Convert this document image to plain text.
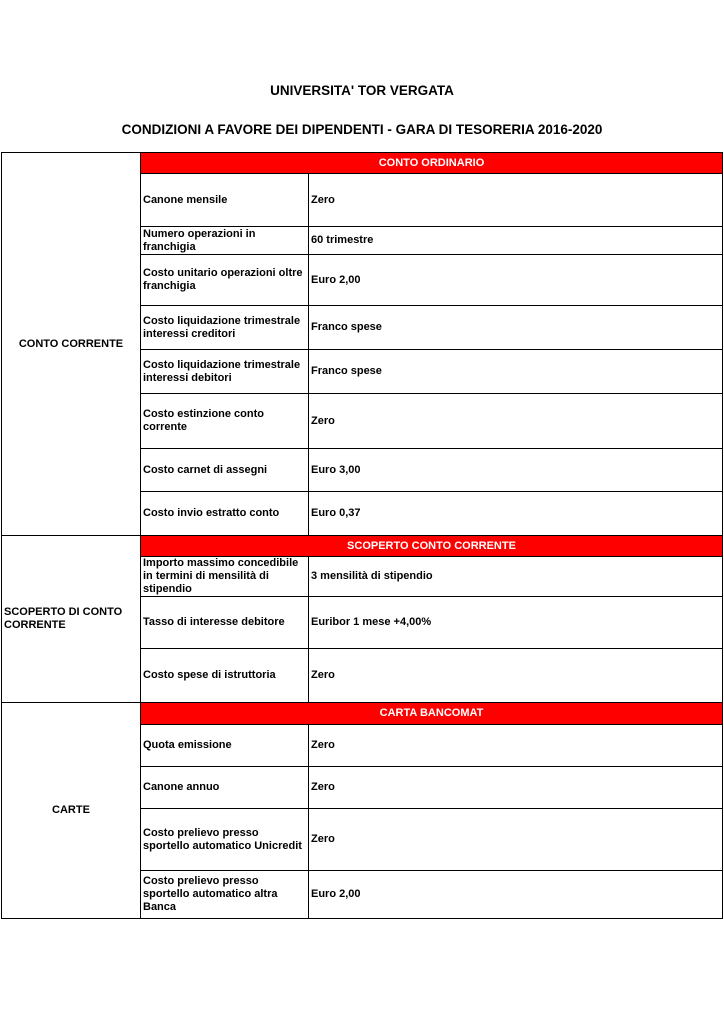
UNIVERSITA' TOR VERGATA
CONDIZIONI A FAVORE DEI DIPENDENTI - GARA DI TESORERIA 2016-2020
CONTO CORRENTE	CONTO ORDINARIO	
	Canone mensile	Zero
	Numero operazioni in franchigia	60 trimestre
	Costo unitario operazioni oltre franchigia	Euro 2,00
	Costo liquidazione trimestrale interessi creditori	Franco spese
	Costo liquidazione trimestrale interessi debitori	Franco spese
	Costo estinzione conto corrente	Zero
	Costo carnet di assegni	Euro 3,00
	Costo invio estratto conto	Euro 0,37
SCOPERTO DI CONTO CORRENTE	SCOPERTO CONTO CORRENTE	
	Importo massimo concedibile in termini di mensilità di stipendio	3 mensilità di stipendio
	Tasso di interesse debitore	Euribor 1 mese +4,00%
	Costo spese di istruttoria	Zero
CARTE	CARTA BANCOMAT	
	Quota emissione	Zero
	Canone annuo	Zero
	Costo prelievo presso sportello automatico Unicredit	Zero
	Costo prelievo presso sportello automatico altra Banca	Euro 2,00
